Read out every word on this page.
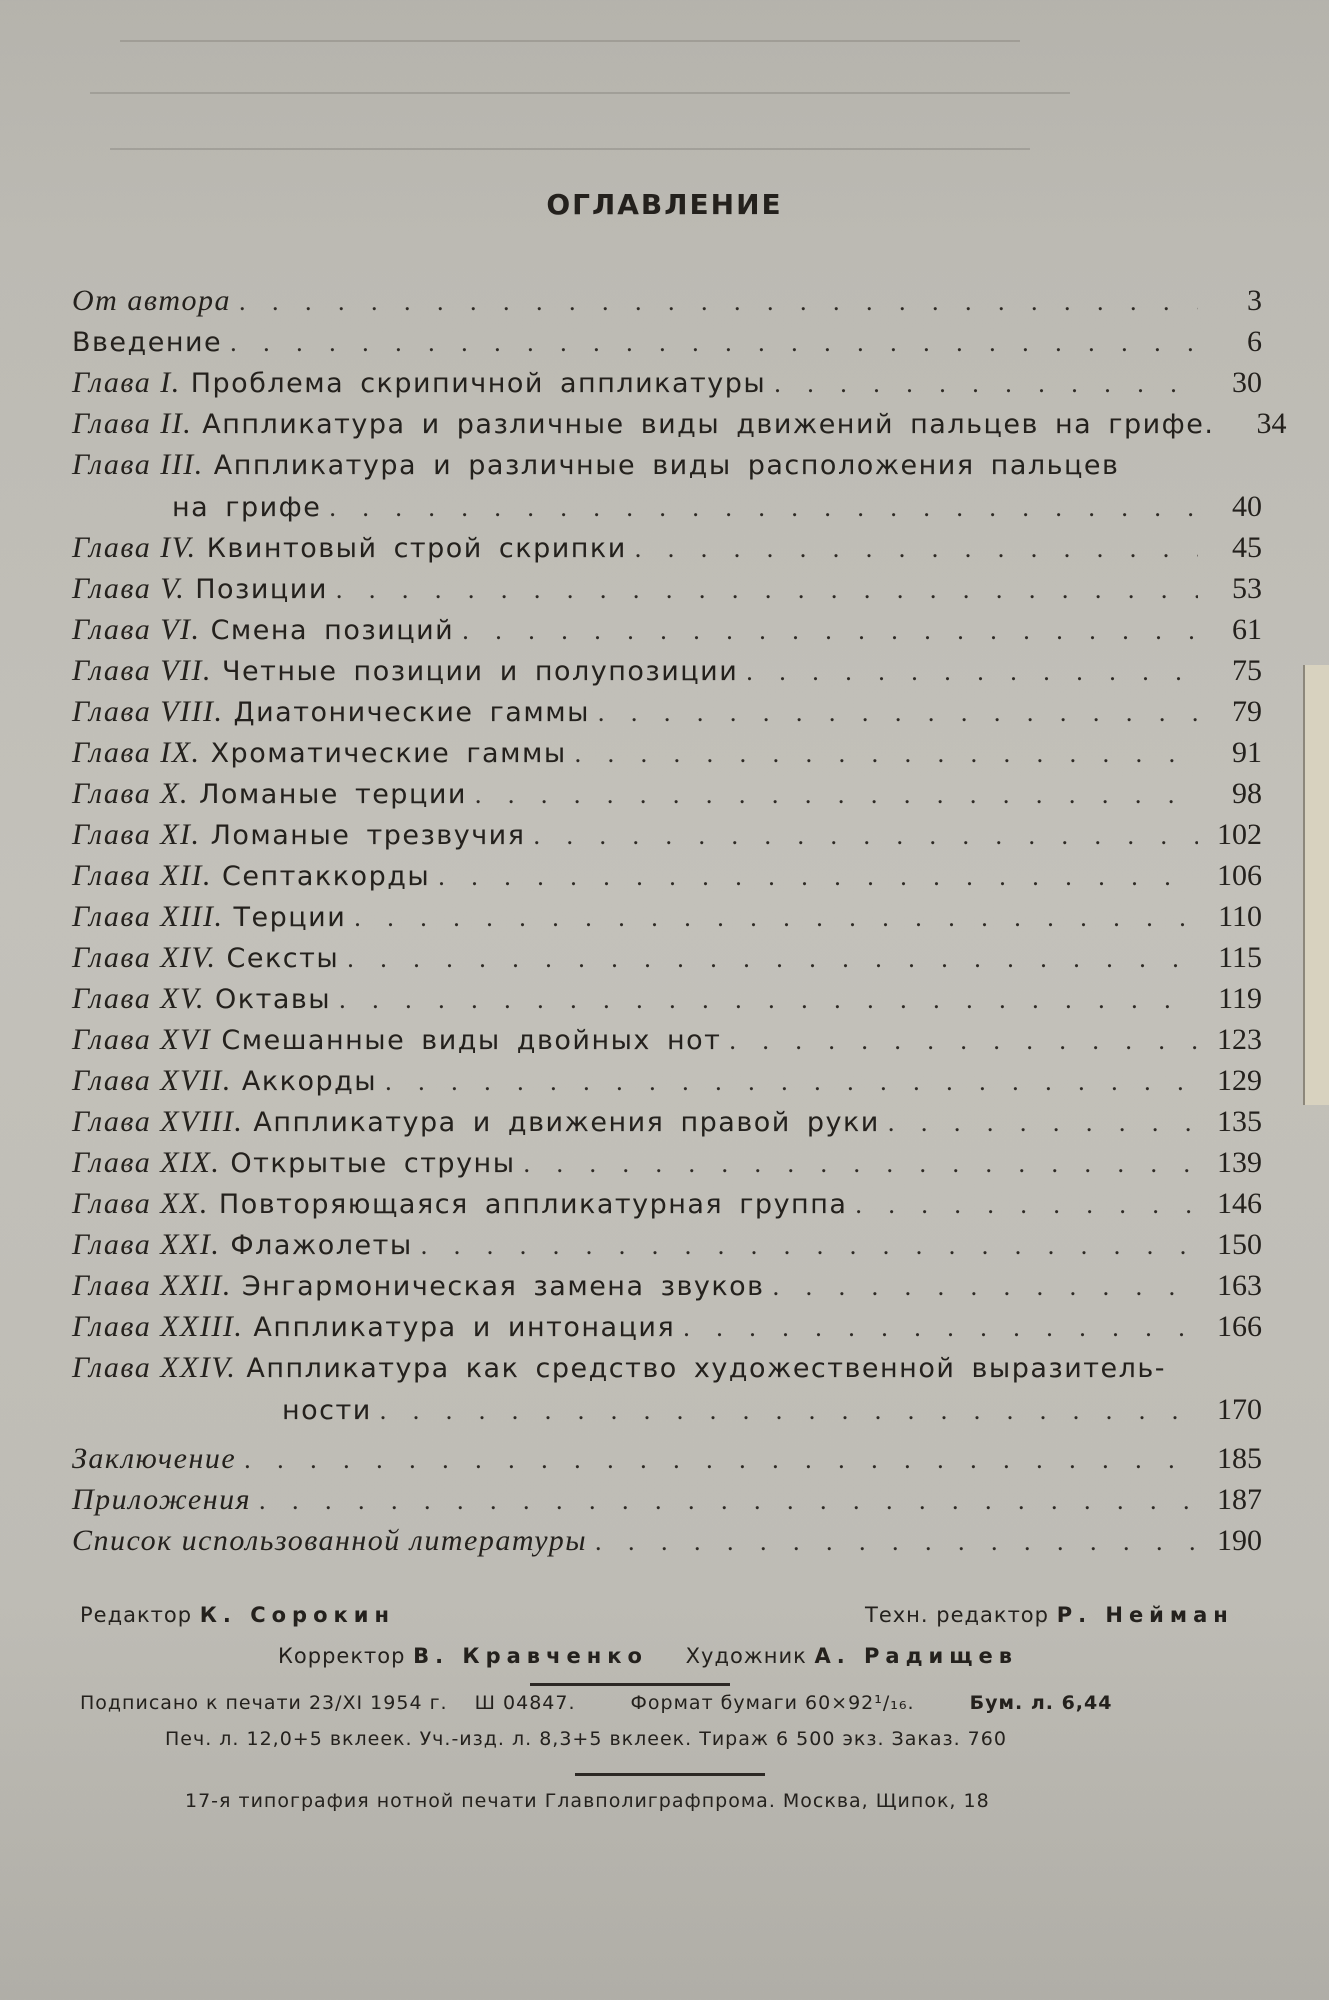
ОГЛАВЛЕНИЕ
От автора . . .	3
Введение . . .	6
Глава I. Проблема скрипичной аппликатуры . . .	30
Глава II. Аппликатура и различные виды движений пальцев на грифе.	34
Глава III. Аппликатура и различные виды расположения пальцев
на грифе . . .	40
Глава IV. Квинтовый строй скрипки . . .	45
Глава V. Позиции . . .	53
Глава VI. Смена позиций . . .	61
Глава VII. Четные позиции и полупозиции . . .	75
Глава VIII. Диатонические гаммы . . .	79
Глава IX. Хроматические гаммы . . .	91
Глава X. Ломаные терции . . .	98
Глава XI. Ломаные трезвучия . . .	102
Глава XII. Септаккорды . . .	106
Глава XIII. Терции . . .	110
Глава XIV. Сексты . . .	115
Глава XV. Октавы . . .	119
Глава XVI Смешанные виды двойных нот . . .	123
Глава XVII. Аккорды . . .	129
Глава XVIII. Аппликатура и движения правой руки . . .	135
Глава XIX. Открытые струны . . .	139
Глава XX. Повторяющаяся аппликатурная группа . . .	146
Глава XXI. Флажолеты . . .	150
Глава XXII. Энгармоническая замена звуков . . .	163
Глава XXIII. Аппликатура и интонация . . .	166
Глава XXIV. Аппликатура как средство художественной выразитель-
ности . . .	170
Заключение . . .	185
Приложения . . .	187
Список использованной литературы . . .	190
Редактор К. Сорокин	Техн. редактор Р. Нейман
Корректор В. Кравченко Художник А. Радищев
Подписано к печати 23/XI 1954 г. Ш 04847.	Формат бумаги 60×92¹/₁₆.	Бум. л. 6,44
Печ. л. 12,0+5 вклеек. Уч.-изд. л. 8,3+5 вклеек. Тираж 6 500 экз. Заказ. 760
17-я типография нотной печати Главполиграфпрома. Москва, Щипок, 18
